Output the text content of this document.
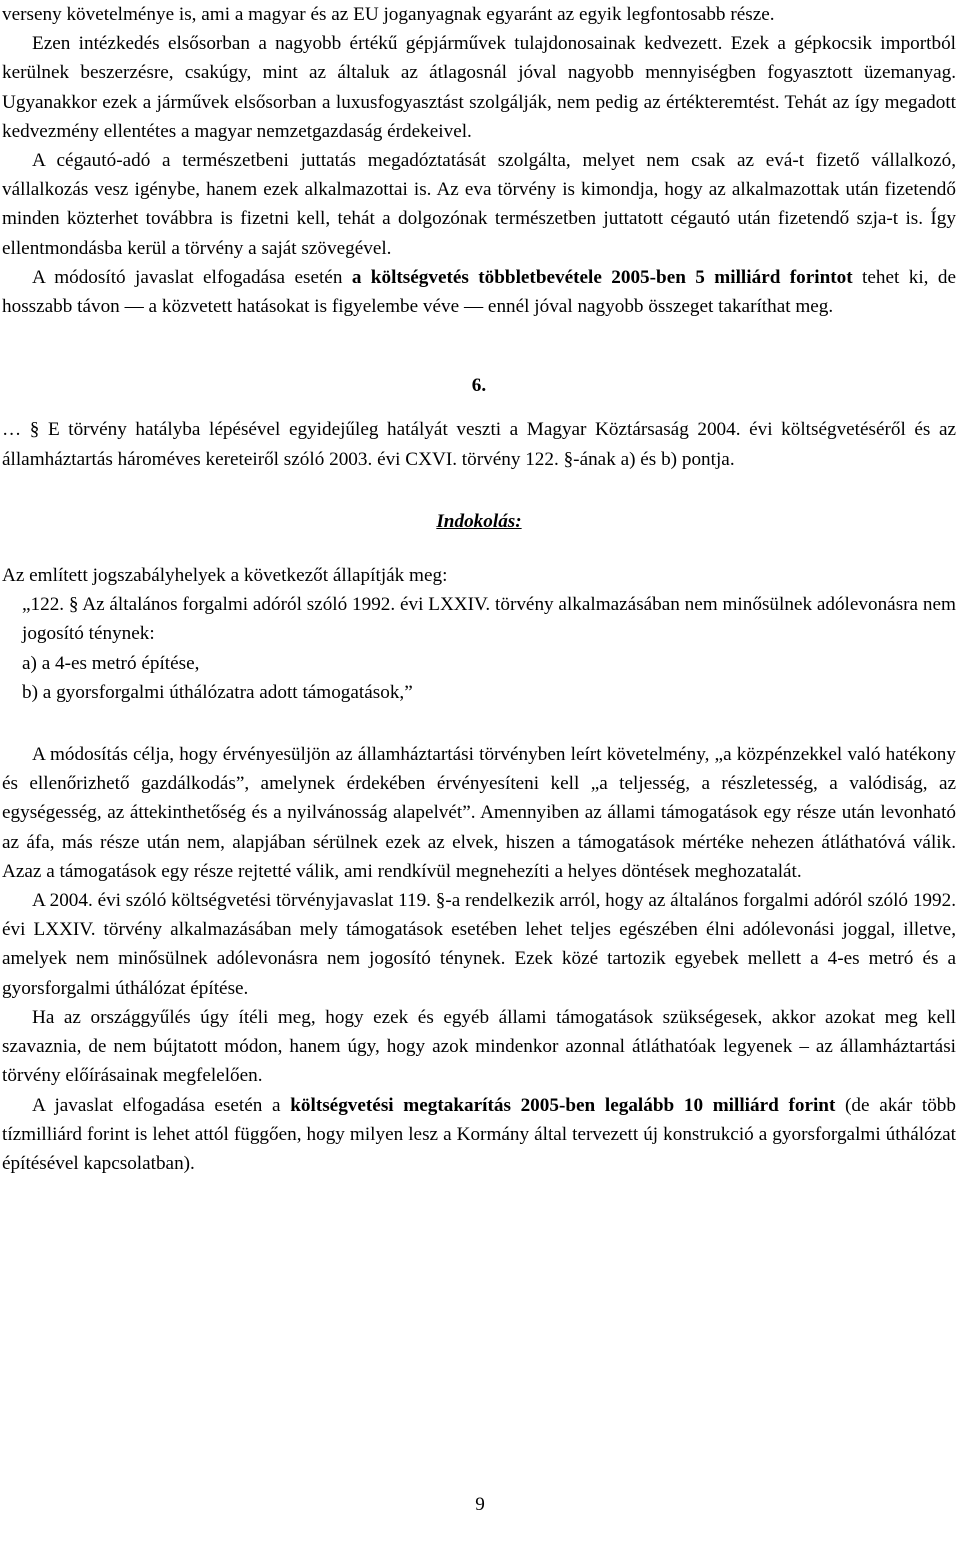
verseny követelménye is, ami a magyar és az EU joganyagnak egyaránt az egyik legfontosabb része.

Ezen intézkedés elsősorban a nagyobb értékű gépjárművek tulajdonosainak kedvezett. Ezek a gépkocsik importból kerülnek beszerzésre, csakúgy, mint az általuk az átlagosnál jóval nagyobb mennyiségben fogyasztott üzemanyag. Ugyanakkor ezek a járművek elsősorban a luxusfogyasztást szolgálják, nem pedig az értékteremtést. Tehát az így megadott kedvezmény ellentétes a magyar nemzetgazdaság érdekeivel.

A cégautó-adó a természetbeni juttatás megadóztatását szolgálta, melyet nem csak az evá-t fizető vállalkozó, vállalkozás vesz igénybe, hanem ezek alkalmazottai is. Az eva törvény is kimondja, hogy az alkalmazottak után fizetendő minden közterhet továbbra is fizetni kell, tehát a dolgozónak természetben juttatott cégautó után fizetendő szja-t is. Így ellentmondásba kerül a törvény a saját szövegével.

A módosító javaslat elfogadása esetén a költségvetés többletbevétele 2005-ben 5 milliárd forintot tehet ki, de hosszabb távon — a közvetett hatásokat is figyelembe véve — ennél jóval nagyobb összeget takaríthat meg.

6.

… § E törvény hatályba lépésével egyidejűleg hatályát veszti a Magyar Köztársaság 2004. évi költségvetéséről és az államháztartás hároméves kereteiről szóló 2003. évi CXVI. törvény 122. §-ának a) és b) pontja.

Indokolás:

Az említett jogszabályhelyek a következőt állapítják meg:

„122. § Az általános forgalmi adóról szóló 1992. évi LXXIV. törvény alkalmazásában nem minősülnek adólevonásra nem jogosító ténynek:

a) a 4-es metró építése,

b) a gyorsforgalmi úthálózatra adott támogatások,”

A módosítás célja, hogy érvényesüljön az államháztartási törvényben leírt követelmény, „a közpénzekkel való hatékony és ellenőrizhető gazdálkodás”, amelynek érdekében érvényesíteni kell „a teljesség, a részletesség, a valódiság, az egységesség, az áttekinthetőség és a nyilvánosság alapelvét”. Amennyiben az állami támogatások egy része után levonható az áfa, más része után nem, alapjában sérülnek ezek az elvek, hiszen a támogatások mértéke nehezen átláthatóvá válik. Azaz a támogatások egy része rejtetté válik, ami rendkívül megnehezíti a helyes döntések meghozatalát.

A 2004. évi szóló költségvetési törvényjavaslat 119. §-a rendelkezik arról, hogy az általános forgalmi adóról szóló 1992. évi LXXIV. törvény alkalmazásában mely támogatások esetében lehet teljes egészében élni adólevonási joggal, illetve, amelyek nem minősülnek adólevonásra nem jogosító ténynek. Ezek közé tartozik egyebek mellett a 4-es metró és a gyorsforgalmi úthálózat építése.

Ha az országgyűlés úgy ítéli meg, hogy ezek és egyéb állami támogatások szükségesek, akkor azokat meg kell szavaznia, de nem bújtatott módon, hanem úgy, hogy azok mindenkor azonnal átláthatóak legyenek – az államháztartási törvény előírásainak megfelelően.

A javaslat elfogadása esetén a költségvetési megtakarítás 2005-ben legalább 10 milliárd forint (de akár több tízmilliárd forint is lehet attól függően, hogy milyen lesz a Kormány által tervezett új konstrukció a gyorsforgalmi úthálózat építésével kapcsolatban).

9
